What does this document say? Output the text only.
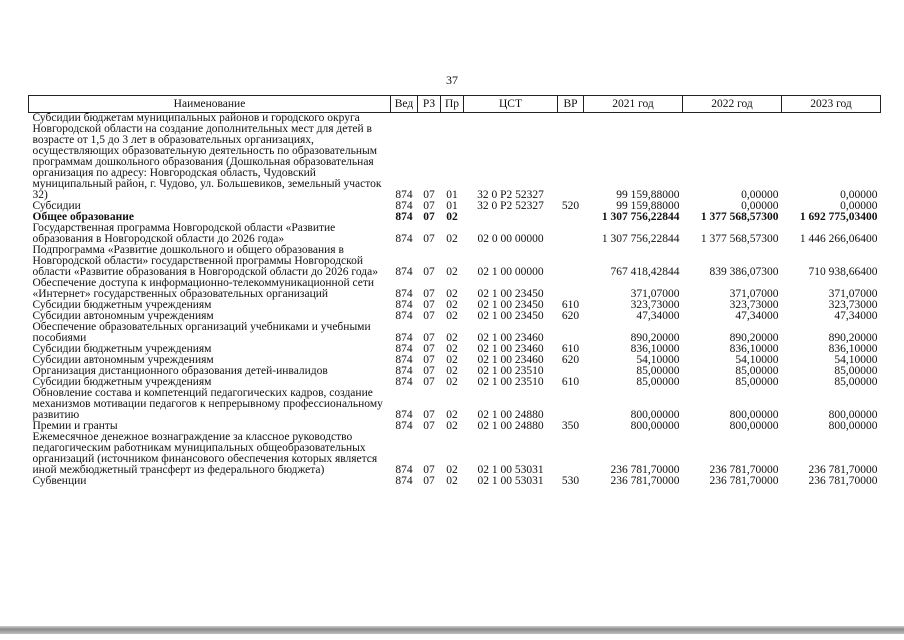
37
Наименование	Вед	РЗ	Пр	ЦСТ	ВР	2021 год	2022 год	2023 год
Субсидии бюджетам муниципальных районов и городского округа Новгородской области на создание дополнительных мест для детей в возрасте от 1,5 до 3 лет в образовательных организациях, осуществляющих образовательную деятельность по образовательным программам дошкольного образования (Дошкольная образовательная организация по адресу: Новгородская область, Чудовский муниципальный район, г. Чудово, ул. Большевиков, земельный участок 32)	874	07	01	32 0 P2 52327		99 159,88000	0,00000	0,00000
Субсидии	874	07	01	32 0 P2 52327	520	99 159,88000	0,00000	0,00000
Общее образование	874	07	02			1 307 756,22844	1 377 568,57300	1 692 775,03400
Государственная программа Новгородской области «Развитие образования в Новгородской области до 2026 года»	874	07	02	02 0 00 00000		1 307 756,22844	1 377 568,57300	1 446 266,06400
Подпрограмма «Развитие дошкольного и общего образования в Новгородской области» государственной программы Новгородской области «Развитие образования в Новгородской области до 2026 года»	874	07	02	02 1 00 00000		767 418,42844	839 386,07300	710 938,66400
Обеспечение доступа к информационно-телекоммуникационной сети «Интернет» государственных образовательных организаций	874	07	02	02 1 00 23450		371,07000	371,07000	371,07000
Субсидии бюджетным учреждениям	874	07	02	02 1 00 23450	610	323,73000	323,73000	323,73000
Субсидии автономным учреждениям	874	07	02	02 1 00 23450	620	47,34000	47,34000	47,34000
Обеспечение образовательных организаций учебниками и учебными пособиями	874	07	02	02 1 00 23460		890,20000	890,20000	890,20000
Субсидии бюджетным учреждениям	874	07	02	02 1 00 23460	610	836,10000	836,10000	836,10000
Субсидии автономным учреждениям	874	07	02	02 1 00 23460	620	54,10000	54,10000	54,10000
Организация дистанционного образования детей-инвалидов	874	07	02	02 1 00 23510		85,00000	85,00000	85,00000
Субсидии бюджетным учреждениям	874	07	02	02 1 00 23510	610	85,00000	85,00000	85,00000
Обновление состава и компетенций педагогических кадров, создание механизмов мотивации педагогов к непрерывному профессиональному развитию	874	07	02	02 1 00 24880		800,00000	800,00000	800,00000
Премии и гранты	874	07	02	02 1 00 24880	350	800,00000	800,00000	800,00000
Ежемесячное денежное вознаграждение за классное руководство педагогическим работникам муниципальных общеобразовательных организаций (источником финансового обеспечения которых является иной межбюджетный трансферт из федерального бюджета)	874	07	02	02 1 00 53031		236 781,70000	236 781,70000	236 781,70000
Субвенции	874	07	02	02 1 00 53031	530	236 781,70000	236 781,70000	236 781,70000
